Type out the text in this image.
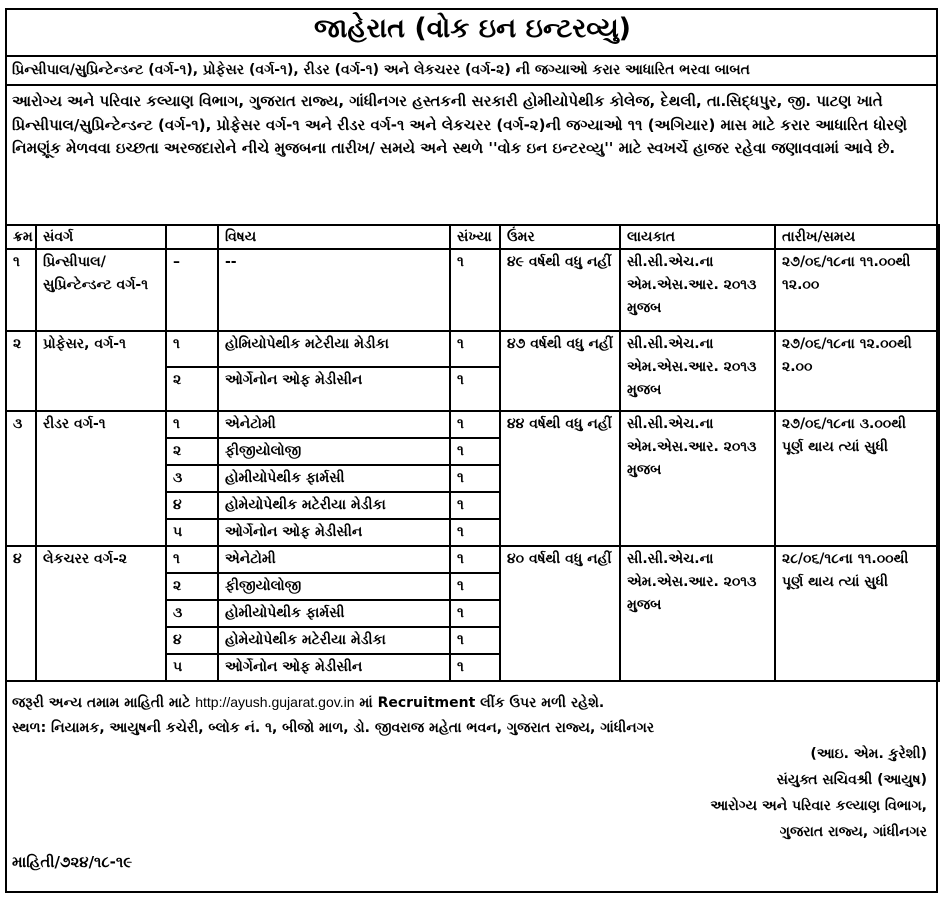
જાહેરાત (વોક ઇન ઇન્ટરવ્યુ)
પ્રિન્સીપાલ/સુપ્રિન્ટેન્ડન્ટ (વર્ગ-૧), પ્રોફેસર (વર્ગ-૧), રીડર (વર્ગ-૧) અને લેકચરર (વર્ગ-૨) ની જગ્યાઓ કરાર આધારિત ભરવા બાબત
આરોગ્ય અને પરિવાર કલ્યાણ વિભાગ, ગુજરાત રાજ્ય, ગાંધીનગર હસ્તકની સરકારી હોમીયોપેથીક કોલેજ, દેથલી, તા.સિદ્ધપુર, જી. પાટણ ખાતે પ્રિન્સીપાલ/સુપ્રિન્ટેન્ડન્ટ (વર્ગ-૧), પ્રોફેસર વર્ગ-૧ અને રીડર વર્ગ-૧ અને લેકચરર (વર્ગ-૨)ની જગ્યાઓ ૧૧ (અગિયાર) માસ માટે કરાર આધારિત ધોરણે નિમણૂંક મેળવવા ઇચ્છતા અરજદારોને નીચે મુજબના તારીખ/ સમયે અને સ્થળે ''વોક ઇન ઇન્ટરવ્યુ'' માટે સ્વખર્ચે હાજર રહેવા જણાવવામાં આવે છે.
ક્રમ	સંવર્ગ		વિષય	સંખ્યા	ઉંમર	લાયકાત	તારીખ/સમય
૧	પ્રિન્સીપાલ/ સુપ્રિન્ટેન્ડન્ટ વર્ગ-૧	–	--	૧	૪૯ વર્ષથી વધુ નહીં	સી.સી.એચ.ના એમ.એસ.આર. ૨૦૧૩ મુજબ	૨૭/૦૬/૧૮ના ૧૧.૦૦થી ૧૨.૦૦
૨	પ્રોફેસર, વર્ગ-૧	૧	હોમિયોપેથીક મટેરીયા મેડીકા	૧	૪૭ વર્ષથી વધુ નહીં	સી.સી.એચ.ના એમ.એસ.આર. ૨૦૧૩ મુજબ	૨૭/૦૬/૧૮ના ૧૨.૦૦થી ૨.૦૦
		૨	ઓર્ગેનોન ઓફ મેડીસીન	૧			
૩	રીડર વર્ગ-૧	૧	એનેટોમી	૧	૪૪ વર્ષથી વધુ નહીં	સી.સી.એચ.ના એમ.એસ.આર. ૨૦૧૩ મુજબ	૨૭/૦૬/૧૮ના ૩.૦૦થી પૂર્ણ થાય ત્યાં સુધી
		૨	ફીજીયોલોજી	૧			
		૩	હોમીયોપેથીક ફાર્મસી	૧			
		૪	હોમેયોપેથીક મટેરીયા મેડીકા	૧			
		૫	ઓર્ગેનોન ઓફ મેડીસીન	૧			
૪	લેકચરર વર્ગ-૨	૧	એનેટોમી	૧	૪૦ વર્ષથી વધુ નહીં	સી.સી.એચ.ના એમ.એસ.આર. ૨૦૧૩ મુજબ	૨૮/૦૬/૧૮ના ૧૧.૦૦થી પૂર્ણ થાય ત્યાં સુધી
		૨	ફીજીયોલોજી	૧			
		૩	હોમીયોપેથીક ફાર્મસી	૧			
		૪	હોમેયોપેથીક મટેરીયા મેડીકા	૧			
		૫	ઓર્ગેનોન ઓફ મેડીસીન	૧			
જરૂરી અન્ય તમામ માહિતી માટે http://ayush.gujarat.gov.in માં Recruitment લીંક ઉપર મળી રહેશે.
સ્થળ: નિયામક, આયુષની કચેરી, બ્લોક નં. ૧, બીજો માળ, ડો. જીવરાજ મહેતા ભવન, ગુજરાત રાજ્ય, ગાંધીનગર
(આઇ. એમ. કુરેશી)
સંયુક્ત સચિવશ્રી (આયુષ)
આરોગ્ય અને પરિવાર કલ્યાણ વિભાગ,
ગુજરાત રાજ્ય, ગાંધીનગર
માહિતી/૭૨૪/૧૮-૧૯
